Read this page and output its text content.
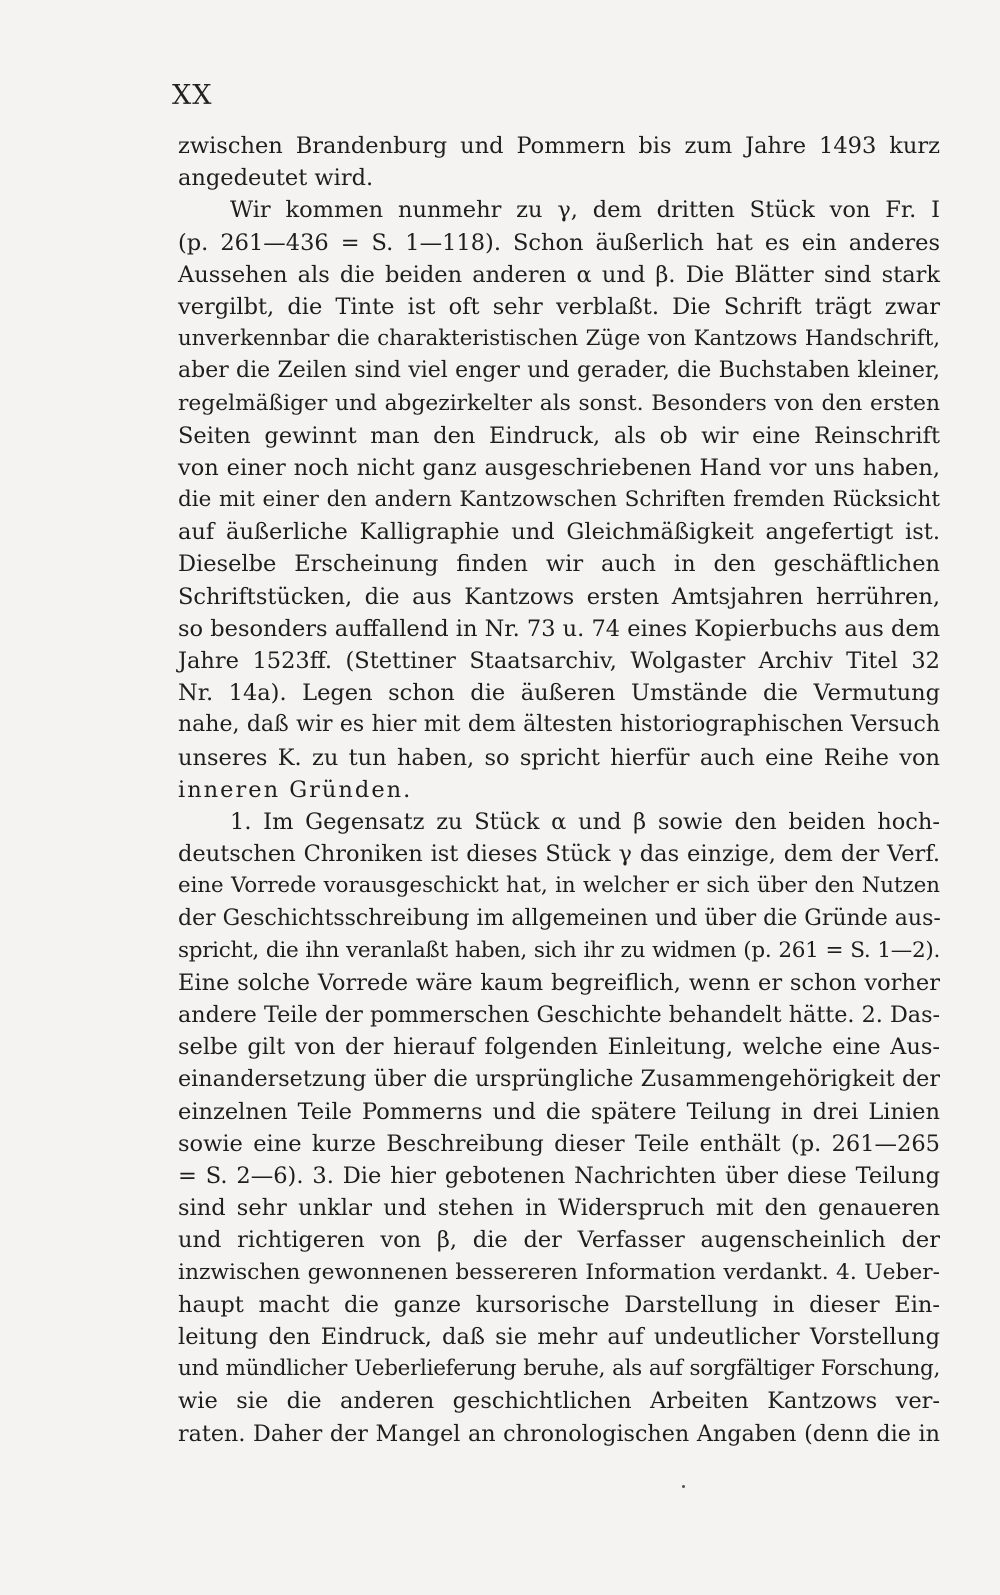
XX
zwischen Brandenburg und Pommern bis zum Jahre 1493 kurz
angedeutet wird.
Wir kommen nunmehr zu γ, dem dritten Stück von Fr. I
(p. 261—436 = S. 1—118). Schon äußerlich hat es ein anderes
Aussehen als die beiden anderen α und β. Die Blätter sind stark
vergilbt, die Tinte ist oft sehr verblaßt. Die Schrift trägt zwar
unverkennbar die charakteristischen Züge von Kantzows Handschrift,
aber die Zeilen sind viel enger und gerader, die Buchstaben kleiner,
regelmäßiger und abgezirkelter als sonst. Besonders von den ersten
Seiten gewinnt man den Eindruck, als ob wir eine Reinschrift
von einer noch nicht ganz ausgeschriebenen Hand vor uns haben,
die mit einer den andern Kantzowschen Schriften fremden Rücksicht
auf äußerliche Kalligraphie und Gleichmäßigkeit angefertigt ist.
Dieselbe Erscheinung finden wir auch in den geschäftlichen
Schriftstücken, die aus Kantzows ersten Amtsjahren herrühren,
so besonders auffallend in Nr. 73 u. 74 eines Kopierbuchs aus dem
Jahre 1523ff. (Stettiner Staatsarchiv, Wolgaster Archiv Titel 32
Nr. 14a). Legen schon die äußeren Umstände die Vermutung
nahe, daß wir es hier mit dem ältesten historiographischen Versuch
unseres K. zu tun haben, so spricht hierfür auch eine Reihe von
inneren Gründen.
1. Im Gegensatz zu Stück α und β sowie den beiden hoch-
deutschen Chroniken ist dieses Stück γ das einzige, dem der Verf.
eine Vorrede vorausgeschickt hat, in welcher er sich über den Nutzen
der Geschichtsschreibung im allgemeinen und über die Gründe aus-
spricht, die ihn veranlaßt haben, sich ihr zu widmen (p. 261 = S. 1—2).
Eine solche Vorrede wäre kaum begreiflich, wenn er schon vorher
andere Teile der pommerschen Geschichte behandelt hätte. 2. Das-
selbe gilt von der hierauf folgenden Einleitung, welche eine Aus-
einandersetzung über die ursprüngliche Zusammengehörigkeit der
einzelnen Teile Pommerns und die spätere Teilung in drei Linien
sowie eine kurze Beschreibung dieser Teile enthält (p. 261—265
= S. 2—6). 3. Die hier gebotenen Nachrichten über diese Teilung
sind sehr unklar und stehen in Widerspruch mit den genaueren
und richtigeren von β, die der Verfasser augenscheinlich der
inzwischen gewonnenen bessereren Information verdankt. 4. Ueber-
haupt macht die ganze kursorische Darstellung in dieser Ein-
leitung den Eindruck, daß sie mehr auf undeutlicher Vorstellung
und mündlicher Ueberlieferung beruhe, als auf sorgfältiger Forschung,
wie sie die anderen geschichtlichen Arbeiten Kantzows ver-
raten. Daher der Mangel an chronologischen Angaben (denn die in
